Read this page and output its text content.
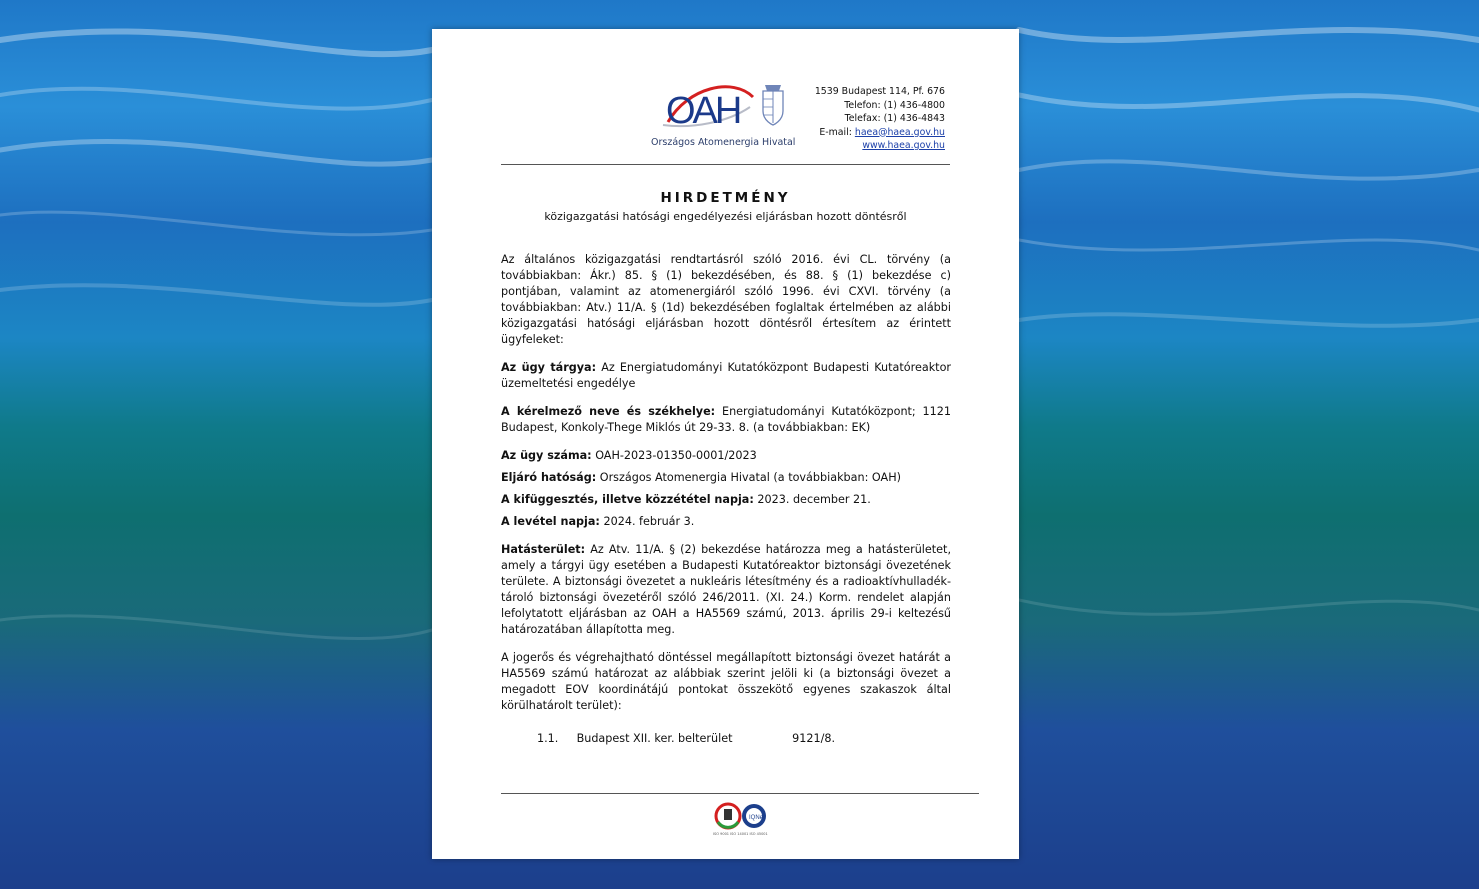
OAH
Országos Atomenergia Hivatal
1539 Budapest 114, Pf. 676
Telefon: (1) 436-4800
Telefax: (1) 436-4843
E-mail: haea@haea.gov.hu
www.haea.gov.hu
HIRDETMÉNY
közigazgatási hatósági engedélyezési eljárásban hozott döntésről

Az általános közigazgatási rendtartásról szóló 2016. évi CL. törvény (a továbbiakban: Ákr.) 85. § (1) bekezdésében, és 88. § (1) bekezdése c) pontjában, valamint az atomenergiáról szóló 1996. évi CXVI. törvény (a továbbiakban: Atv.) 11/A. § (1d) bekezdésében foglaltak értelmében az alábbi közigazgatási hatósági eljárásban hozott döntésről értesítem az érintett ügyfeleket:

Az ügy tárgya: Az Energiatudományi Kutatóközpont Budapesti Kutatóreaktor üzemeltetési engedélye

A kérelmező neve és székhelye: Energiatudományi Kutatóközpont; 1121 Budapest, Konkoly-Thege Miklós út 29-33. 8. (a továbbiakban: EK)

Az ügy száma: OAH-2023-01350-0001/2023

Eljáró hatóság: Országos Atomenergia Hivatal (a továbbiakban: OAH)

A kifüggesztés, illetve közzététel napja: 2023. december 21.

A levétel napja: 2024. február 3.

Hatásterület: Az Atv. 11/A. § (2) bekezdése határozza meg a hatásterületet, amely a tárgyi ügy esetében a Budapesti Kutatóreaktor biztonsági övezetének területe. A biztonsági övezetet a nukleáris létesítmény és a radioaktívhulladék-tároló biztonsági övezetéről szóló 246/2011. (XI. 24.) Korm. rendelet alapján lefolytatott eljárásban az OAH a HA5569 számú, 2013. április 29-i keltezésű határozatában állapította meg.

A jogerős és végrehajtható döntéssel megállapított biztonsági övezet határát a HA5569 számú határozat az alábbiak szerint jelöli ki (a biztonsági övezet a megadott EOV koordinátájú pontokat összekötő egyenes szakaszok által körülhatárolt terület):

1.1. Budapest XII. ker. belterület	9121/8.
IQNet
ISO 9001 ISO 14001 ISO 45001
